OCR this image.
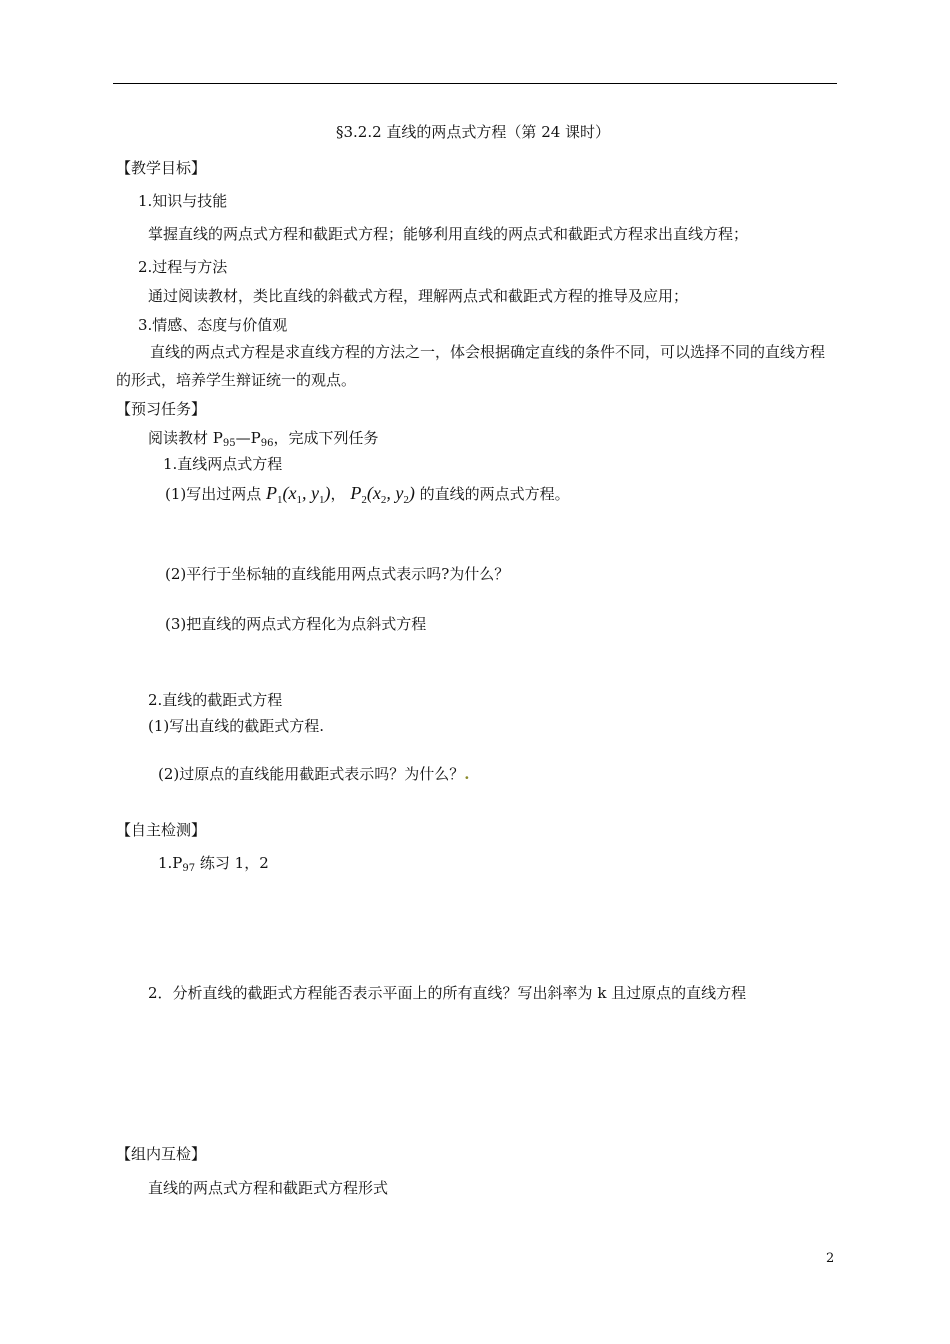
§3.2.2 直线的两点式方程（第 24 课时）
【教学目标】
1.知识与技能
掌握直线的两点式方程和截距式方程；能够利用直线的两点式和截距式方程求出直线方程；
2.过程与方法
通过阅读教材，类比直线的斜截式方程，理解两点式和截距式方程的推导及应用；
3.情感、态度与价值观
直线的两点式方程是求直线方程的方法之一，体会根据确定直线的条件不同，可以选择不同的直线方程的形式，培养学生辩证统一的观点。
【预习任务】
阅读教材 $P_{95}—P_{96}$，完成下列任务
1.直线两点式方程
(1)写出过两点 $P_1(x_1$, $y_1$)， $P_2(x_2$, $y_2$) 的直线的两点式方程。
(2)平行于坐标轴的直线能用两点式表示吗?为什么？
(3)把直线的两点式方程化为点斜式方程
2.直线的截距式方程
(1)写出直线的截距式方程.
(2)过原点的直线能用截距式表示吗？为什么？.
【自主检测】
$1.P_{97}$ 练习 1，2
2．分析直线的截距式方程能否表示平面上的所有直线？写出斜率为 k 且过原点的直线方程
【组内互检】
直线的两点式方程和截距式方程形式
2
